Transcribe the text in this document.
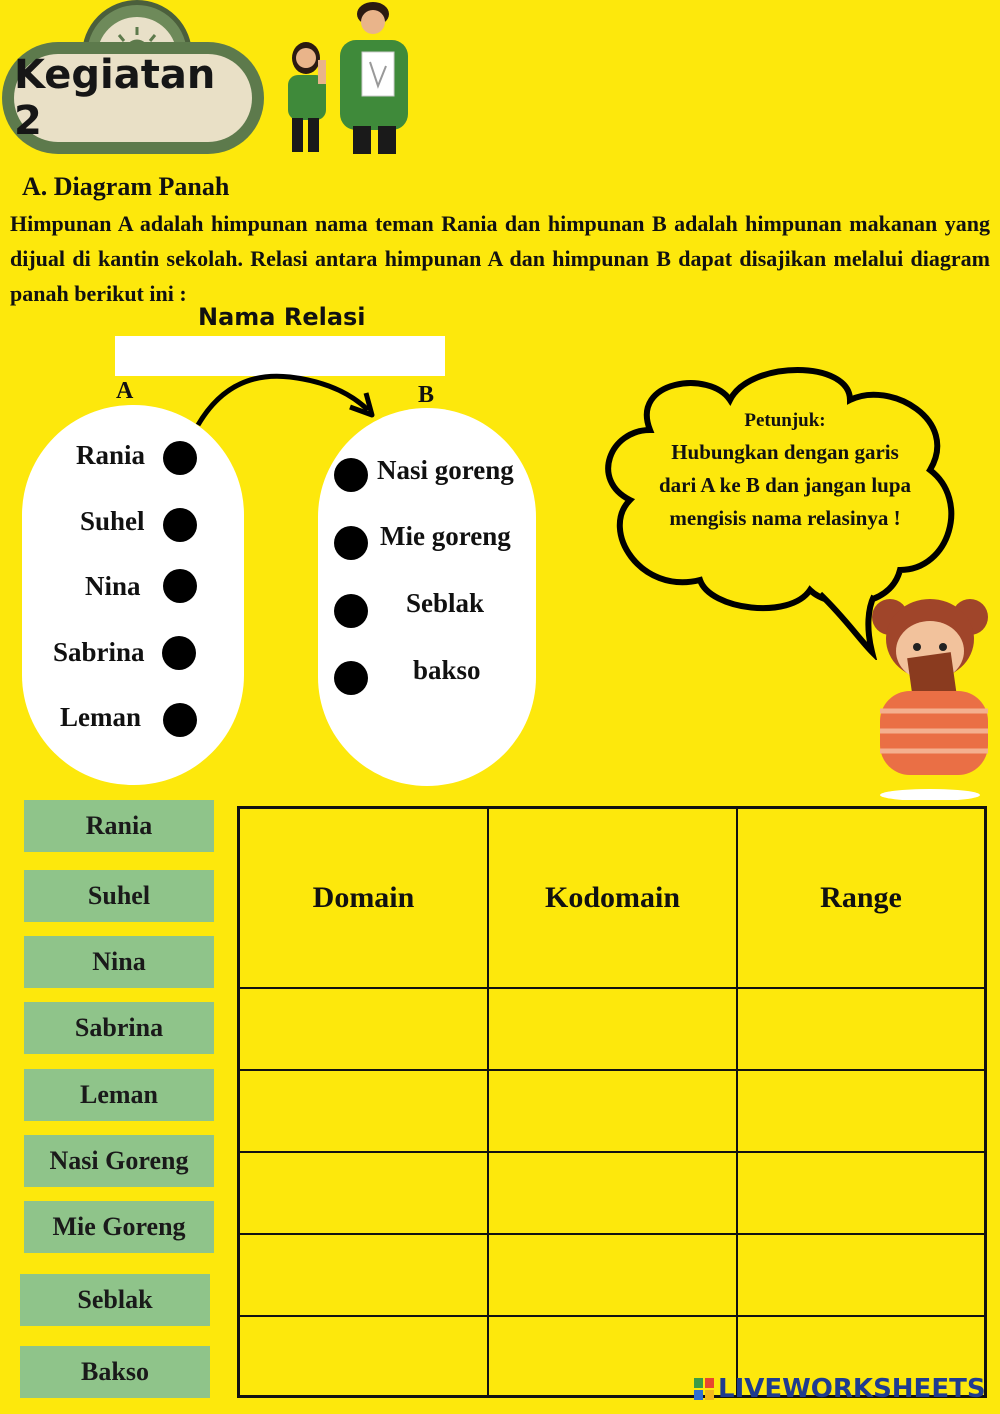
Kegiatan 2
A. Diagram Panah
Himpunan A adalah himpunan nama teman Rania dan himpunan B adalah himpunan makanan yang dijual di kantin sekolah. Relasi antara himpunan A dan himpunan B dapat disajikan melalui diagram panah berikut ini :
Nama Relasi
A	B
Rania
Suhel
Nina
Sabrina
Leman
Nasi goreng
Mie goreng
Seblak
bakso
Petunjuk:
Hubungkan dengan garis dari A ke B dan jangan lupa mengisis nama relasinya !
Rania
Suhel
Nina
Sabrina
Leman
Nasi Goreng
Mie Goreng
Seblak
Bakso
Domain	Kodomain	Range
LIVEWORKSHEETS
